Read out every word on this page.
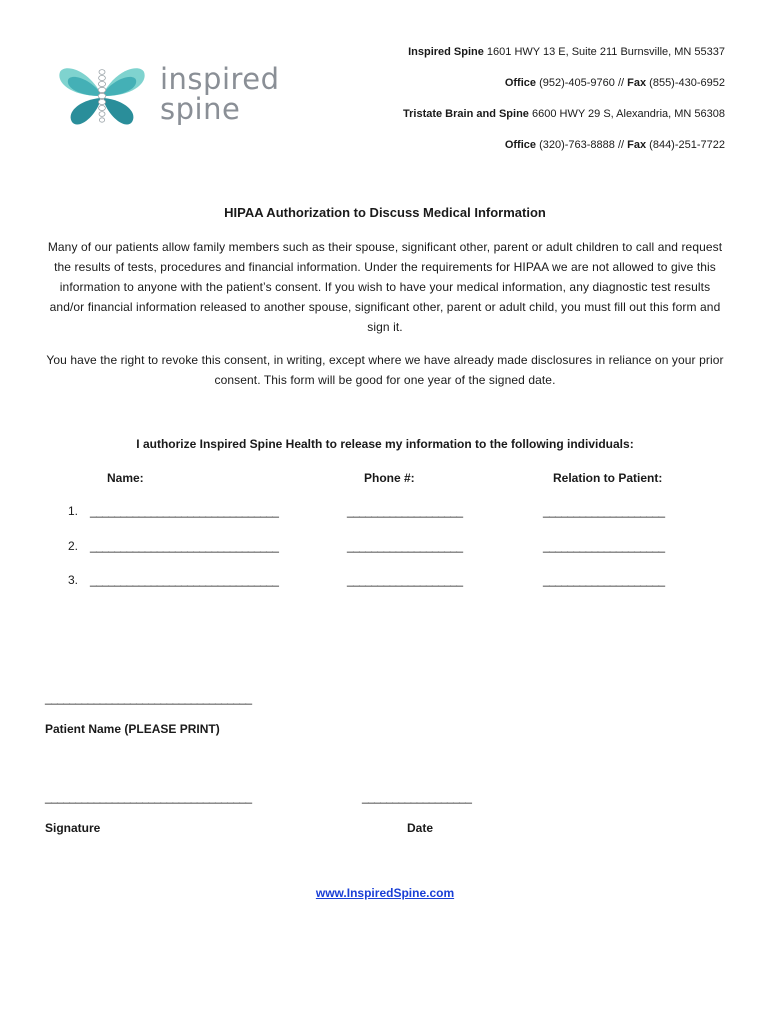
inspired
spine
Inspired Spine 1601 HWY 13 E, Suite 211 Burnsville, MN 55337
Office (952)-405-9760 // Fax (855)-430-6952
Tristate Brain and Spine 6600 HWY 29 S, Alexandria, MN 56308
Office (320)-763-8888 // Fax (844)-251-7722
HIPAA Authorization to Discuss Medical Information
Many of our patients allow family members such as their spouse, significant other, parent or adult children to call and request the results of tests, procedures and financial information. Under the requirements for HIPAA we are not allowed to give this information to anyone with the patient’s consent. If you wish to have your medical information, any diagnostic test results and/or financial information released to another spouse, significant other, parent or adult child, you must fill out this form and sign it.
You have the right to revoke this consent, in writing, except where we have already made disclosures in reliance on your prior consent. This form will be good for one year of the signed date.
I authorize Inspired Spine Health to release my information to the following individuals:
Name:	Phone #:	Relation to Patient:
1. _______________________________	___________________	____________________
2. _______________________________	___________________	____________________
3. _______________________________	___________________	____________________
__________________________________
Patient Name (PLEASE PRINT)
__________________________________
Signature
__________________
Date
www.InspiredSpine.com
